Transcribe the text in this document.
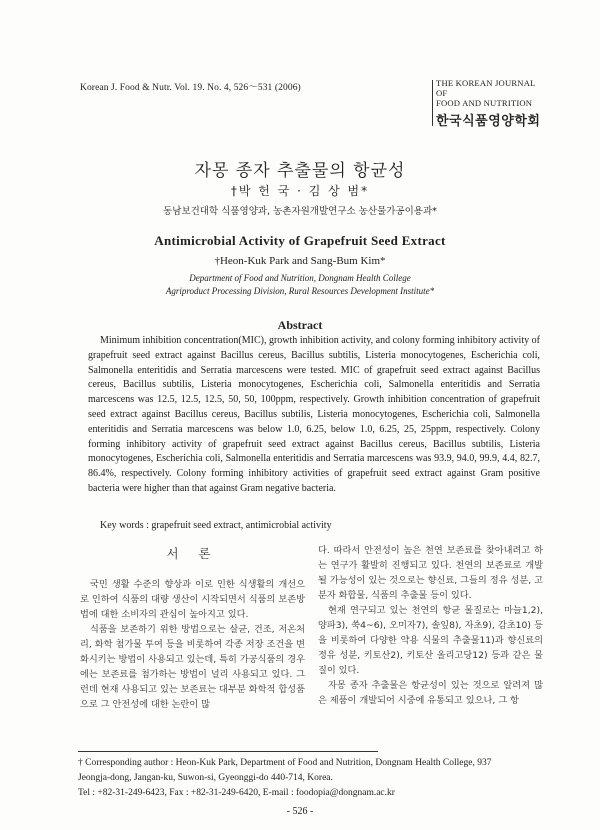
Korean J. Food & Nutr. Vol. 19. No. 4, 526～531 (2006)	THE KOREAN JOURNAL OF
FOOD AND NUTRITION
한국식품영양학회
자몽 종자 추출물의 항균성
†박 헌 국 · 김 상 범*
동남보건대학 식품영양과, 농촌자원개발연구소 농산물가공이용과*
Antimicrobial Activity of Grapefruit Seed Extract
†Heon-Kuk Park and Sang-Bum Kim*
Department of Food and Nutrition, Dongnam Health College
Agriproduct Processing Division, Rural Resources Development Institute*
Abstract
Minimum inhibition concentration(MIC), growth inhibition activity, and colony forming inhibitory activity of grapefruit seed extract against Bacillus cereus, Bacillus subtilis, Listeria monocytogenes, Escherichia coli, Salmonella enteritidis and Serratia marcescens were tested. MIC of grapefruit seed extract against Bacillus cereus, Bacillus subtilis, Listeria monocytogenes, Escherichia coli, Salmonella enteritidis and Serratia marcescens was 12.5, 12.5, 12.5, 50, 50, 100ppm, respectively. Growth inhibition concentration of grapefruit seed extract against Bacillus cereus, Bacillus subtilis, Listeria monocytogenes, Escherichia coli, Salmonella enteritidis and Serratia marcescens was below 1.0, 6.25, below 1.0, 6.25, 25, 25ppm, respectively. Colony forming inhibitory activity of grapefruit seed extract against Bacillus cereus, Bacillus subtilis, Listeria monocytogenes, Escherichia coli, Salmonella enteritidis and Serratia marcescens was 93.9, 94.0, 99.9, 4.4, 82.7, 86.4%, respectively. Colony forming inhibitory activities of grapefruit seed extract against Gram positive bacteria were higher than that against Gram negative bacteria.
Key words : grapefruit seed extract, antimicrobial activity
서 론

국민 생활 수준의 향상과 이로 인한 식생활의 개선으로 인하여 식품의 대량 생산이 시작되면서 식품의 보존방법에 대한 소비자의 관심이 높아지고 있다.

식품을 보존하기 위한 방법으로는 살균, 건조, 저온처리, 화학 첨가물 투여 등을 비롯하여 각종 저장 조건을 변화시키는 방법이 사용되고 있는데, 특히 가공식품의 경우에는 보존료를 첨가하는 방법이 널리 사용되고 있다. 그런데 현재 사용되고 있는 보존료는 대부분 화학적 합성품으로 그 안전성에 대한 논란이 많

다. 따라서 안전성이 높은 천연 보존료를 찾아내려고 하는 연구가 활발히 진행되고 있다. 천연의 보존료로 개발될 가능성이 있는 것으로는 향신료, 그들의 정유 성분, 고분자 화합물, 식품의 추출물 등이 있다.

현재 연구되고 있는 천연의 항균 물질로는 마늘1,2), 양파3), 쑥4~6), 오미자7), 솔잎8), 자초9), 감초10) 등을 비롯하여 다양한 약용 식물의 추출물11)과 향신료의 정유 성분, 키토산2), 키토산 올리고당12) 등과 같은 물질이 있다.

자몽 종자 추출물은 항균성이 있는 것으로 알려져 많은 제품이 개발되어 시중에 유통되고 있으나, 그 항

† Corresponding author : Heon-Kuk Park, Department of Food and Nutrition, Dongnam Health College, 937
Jeongja-dong, Jangan-ku, Suwon-si, Gyeonggi-do 440-714, Korea.
Tel : +82-31-249-6423, Fax : +82-31-249-6420, E-mail : foodopia@dongnam.ac.kr
- 526 -
